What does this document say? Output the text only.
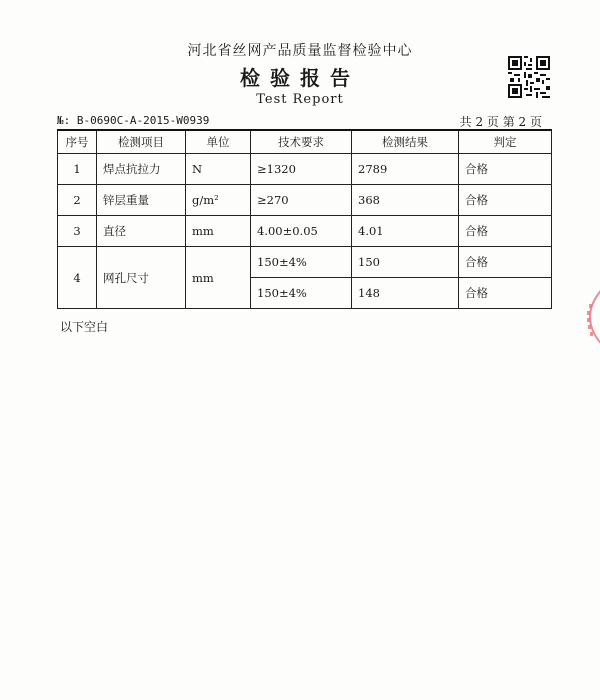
河北省丝网产品质量监督检验中心
检验报告
Test Report
№: B-0690C-A-2015-W0939	共 2 页 第 2 页
序号	检测项目	单位	技术要求	检测结果	判定
1	焊点抗拉力	N	≥1320	2789	合格
2	锌层重量	g/m²	≥270	368	合格
3	直径	mm	4.00±0.05	4.01	合格
4	网孔尺寸	mm	150±4%	150	合格
			150±4%	148	合格
以下空白
